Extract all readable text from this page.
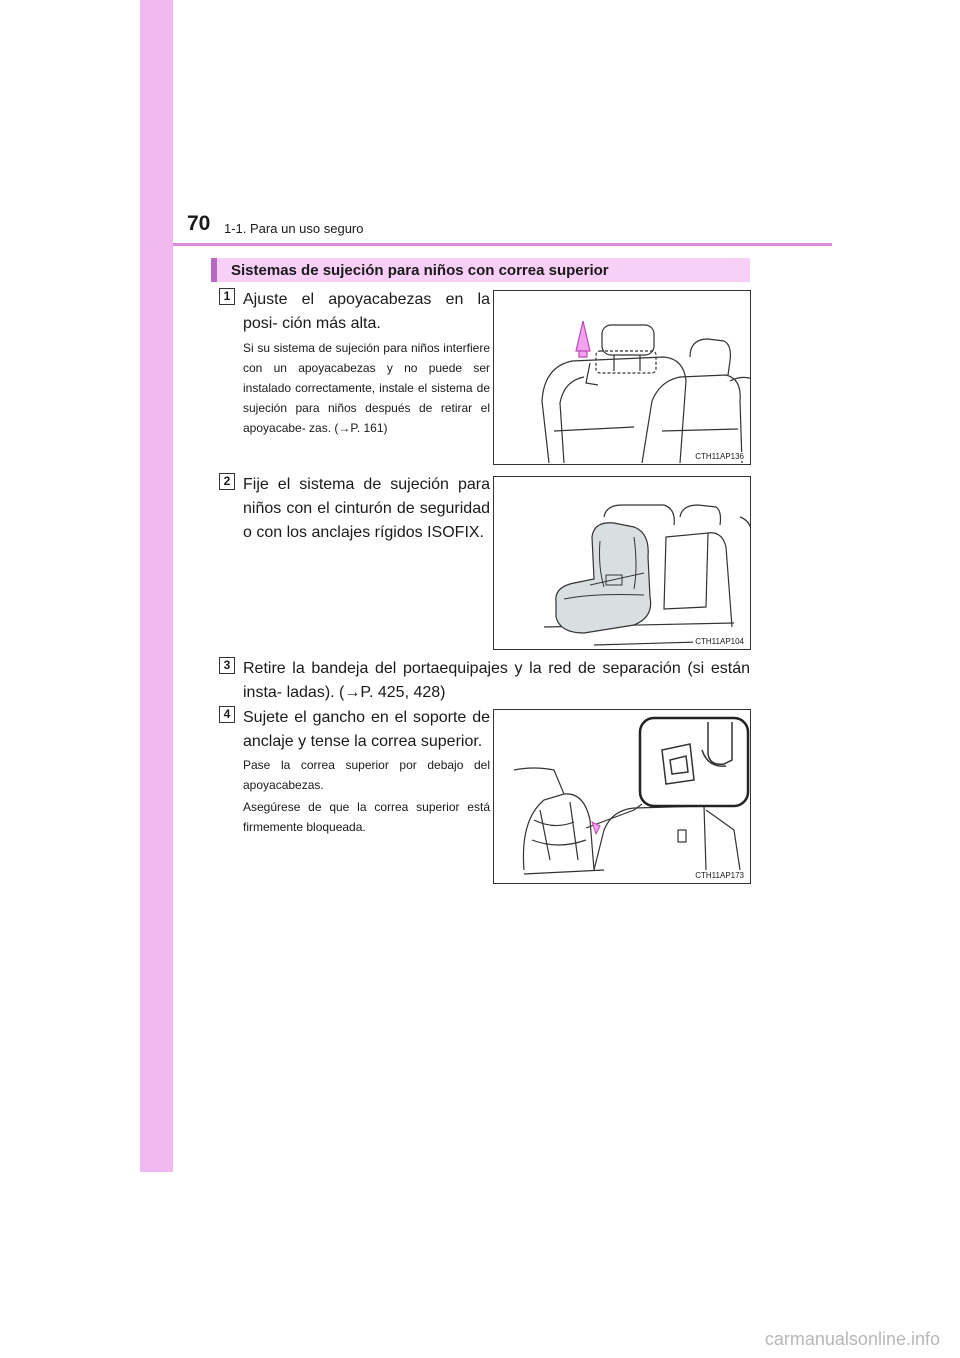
70 1-1. Para un uso seguro
Sistemas de sujeción para niños con correa superior
1 Ajuste el apoyacabezas en la posi- ción más alta.
Si su sistema de sujeción para niños interfiere con un apoyacabezas y no puede ser instalado correctamente, instale el sistema de sujeción para niños después de retirar el apoyacabe- zas. (→P. 161)
CTH11AP136
2 Fije el sistema de sujeción para niños con el cinturón de seguridad o con los anclajes rígidos ISOFIX.
CTH11AP104
3 Retire la bandeja del portaequipajes y la red de separación (si están insta- ladas). (→P. 425, 428)
4 Sujete el gancho en el soporte de anclaje y tense la correa superior.
Pase la correa superior por debajo del apoyacabezas.
Asegúrese de que la correa superior está firmemente bloqueada.
CTH11AP173
carmanualsonline.info
